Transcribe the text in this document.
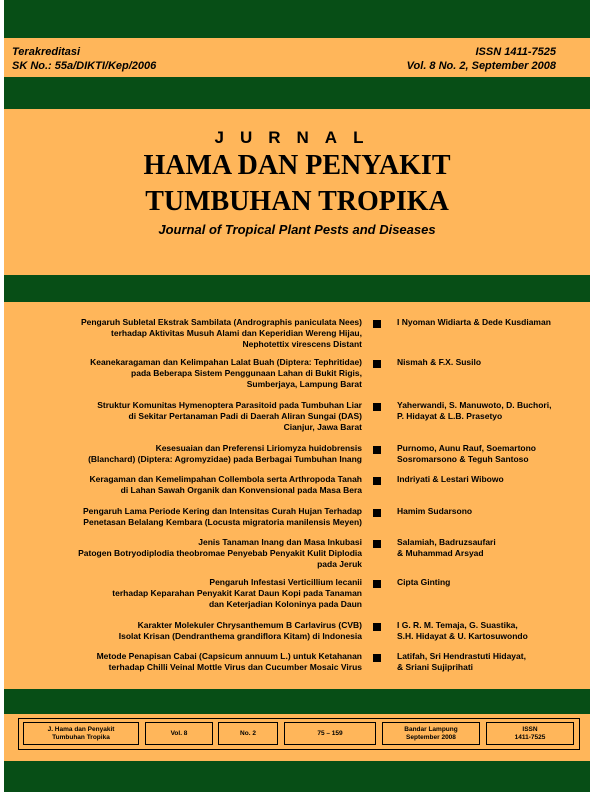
Terakreditasi
SK No.: 55a/DIKTI/Kep/2006
ISSN 1411-7525
Vol. 8 No. 2, September 2008
JURNAL
HAMA DAN PENYAKIT
TUMBUHAN TROPIKA
Journal of Tropical Plant Pests and Diseases
Pengaruh Subletal Ekstrak Sambilata (Andrographis paniculata Nees)
terhadap Aktivitas Musuh Alami dan Keperidian Wereng Hijau,
Nephotettix virescens Distant
I Nyoman Widiarta & Dede Kusdiaman
Keanekaragaman dan Kelimpahan Lalat Buah (Diptera: Tephritidae)
pada Beberapa Sistem Penggunaan Lahan di Bukit Rigis,
Sumberjaya, Lampung Barat
Nismah & F.X. Susilo
Struktur Komunitas Hymenoptera Parasitoid pada Tumbuhan Liar
di Sekitar Pertanaman Padi di Daerah Aliran Sungai (DAS)
Cianjur, Jawa Barat
Yaherwandi, S. Manuwoto, D. Buchori,
P. Hidayat & L.B. Prasetyo
Kesesuaian dan Preferensi Liriomyza huidobrensis
(Blanchard) (Diptera: Agromyzidae) pada Berbagai Tumbuhan Inang
Purnomo, Aunu Rauf, Soemartono
Sosromarsono & Teguh Santoso
Keragaman dan Kemelimpahan Collembola serta Arthropoda Tanah
di Lahan Sawah Organik dan Konvensional pada Masa Bera
Indriyati & Lestari Wibowo
Pengaruh Lama Periode Kering dan Intensitas Curah Hujan Terhadap
Penetasan Belalang Kembara (Locusta migratoria manilensis Meyen)
Hamim Sudarsono
Jenis Tanaman Inang dan Masa Inkubasi
Patogen Botryodiplodia theobromae Penyebab Penyakit Kulit Diplodia
pada Jeruk
Salamiah, Badruzsaufari
& Muhammad Arsyad
Pengaruh Infestasi Verticillium lecanii
terhadap Keparahan Penyakit Karat Daun Kopi pada Tanaman
dan Keterjadian Koloninya pada Daun
Cipta Ginting
Karakter Molekuler Chrysanthemum B Carlavirus (CVB)
Isolat Krisan (Dendranthema grandiflora Kitam) di Indonesia
I G. R. M. Temaja, G. Suastika,
S.H. Hidayat & U. Kartosuwondo
Metode Penapisan Cabai (Capsicum annuum L.) untuk Ketahanan
terhadap Chilli Veinal Mottle Virus dan Cucumber Mosaic Virus
Latifah, Sri Hendrastuti Hidayat,
& Sriani Sujiprihati
J. Hama dan Penyakit
Tumbuhan Tropika
Vol. 8	No. 2	75 – 159
Bandar Lampung
September 2008
ISSN
1411-7525
